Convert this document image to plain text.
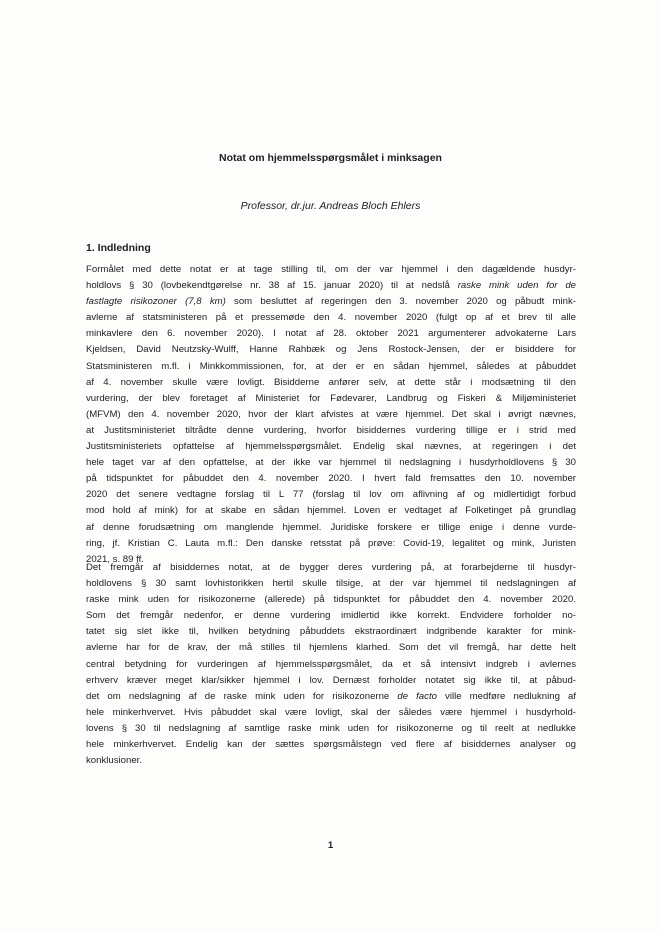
Notat om hjemmelsspørgsmålet i minksagen
Professor, dr.jur. Andreas Bloch Ehlers
1. Indledning
Formålet med dette notat er at tage stilling til, om der var hjemmel i den dagældende husdyr-
holdlovs § 30 (lovbekendtgørelse nr. 38 af 15. januar 2020) til at nedslå raske mink uden for de
fastlagte risikozoner (7,8 km) som besluttet af regeringen den 3. november 2020 og påbudt mink-
avlerne af statsministeren på et pressemøde den 4. november 2020 (fulgt op af et brev til alle
minkavlere den 6. november 2020). I notat af 28. oktober 2021 argumenterer advokaterne Lars
Kjeldsen, David Neutzsky-Wulff, Hanne Rahbæk og Jens Rostock-Jensen, der er bisiddere for
Statsministeren m.fl. i Minkkommissionen, for, at der er en sådan hjemmel, således at påbuddet
af 4. november skulle være lovligt. Bisidderne anfører selv, at dette står i modsætning til den
vurdering, der blev foretaget af Ministeriet for Fødevarer, Landbrug og Fiskeri & Miljøministeriet
(MFVM) den 4. november 2020, hvor der klart afvistes at være hjemmel. Det skal i øvrigt nævnes,
at Justitsministeriet tiltrådte denne vurdering, hvorfor bisiddernes vurdering tillige er i strid med
Justitsministeriets opfattelse af hjemmelsspørgsmålet. Endelig skal nævnes, at regeringen i det
hele taget var af den opfattelse, at der ikke var hjemmel til nedslagning i husdyrholdlovens § 30
på tidspunktet for påbuddet den 4. november 2020. I hvert fald fremsattes den 10. november
2020 det senere vedtagne forslag til L 77 (forslag til lov om aflivning af og midlertidigt forbud
mod hold af mink) for at skabe en sådan hjemmel. Loven er vedtaget af Folketinget på grundlag
af denne forudsætning om manglende hjemmel. Juridiske forskere er tillige enige i denne vurde-
ring, jf. Kristian C. Lauta m.fl.: Den danske retsstat på prøve: Covid-19, legalitet og mink, Juristen
2021, s. 89 ff.
Det fremgår af bisiddernes notat, at de bygger deres vurdering på, at forarbejderne til husdyr-
holdlovens § 30 samt lovhistorikken hertil skulle tilsige, at der var hjemmel til nedslagningen af
raske mink uden for risikozonerne (allerede) på tidspunktet for påbuddet den 4. november 2020.
Som det fremgår nedenfor, er denne vurdering imidlertid ikke korrekt. Endvidere forholder no-
tatet sig slet ikke til, hvilken betydning påbuddets ekstraordinært indgribende karakter for mink-
avlerne har for de krav, der må stilles til hjemlens klarhed. Som det vil fremgå, har dette helt
central betydning for vurderingen af hjemmelsspørgsmålet, da et så intensivt indgreb i avlernes
erhverv kræver meget klar/sikker hjemmel i lov. Dernæst forholder notatet sig ikke til, at påbud-
det om nedslagning af de raske mink uden for risikozonerne de facto ville medføre nedlukning af
hele minkerhvervet. Hvis påbuddet skal være lovligt, skal der således være hjemmel i husdyrhold-
lovens § 30 til nedslagning af samtlige raske mink uden for risikozonerne og til reelt at nedlukke
hele minkerhvervet. Endelig kan der sættes spørgsmålstegn ved flere af bisiddernes analyser og
konklusioner.
1
